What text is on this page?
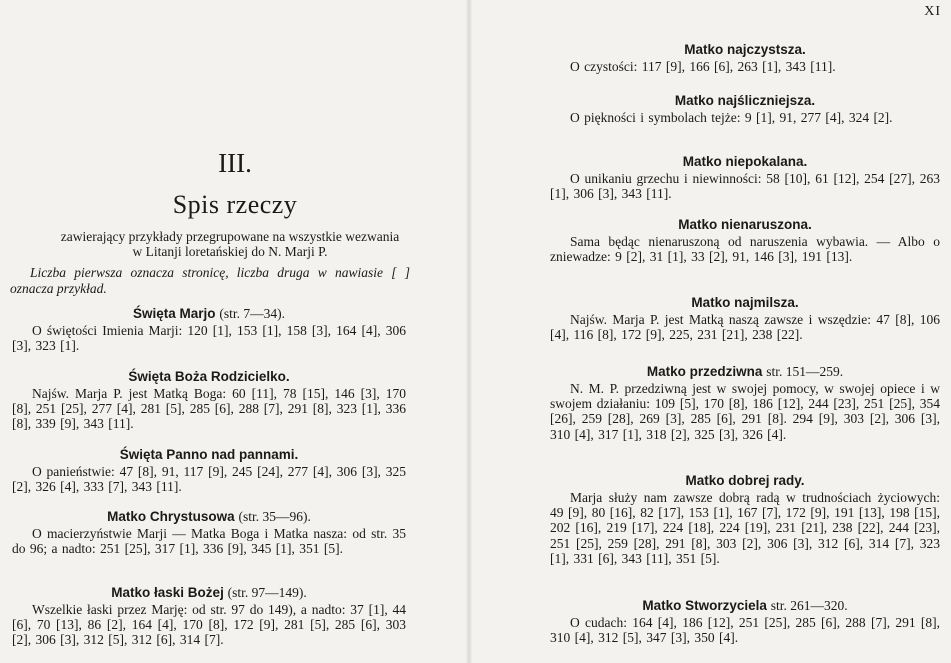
III.
Spis rzeczy
zawierający przykłady przegrupowane na wszystkie wezwania
w Litanji loretańskiej do N. Marji P.
Liczba pierwsza oznacza stronicę, liczba druga w nawiasie [ ] oznacza przykład.
Święta Marjo (str. 7—34).
O świętości Imienia Marji: 120 [1], 153 [1], 158 [3], 164 [4], 306 [3], 323 [1].
Święta Boża Rodzicielko.
Najśw. Marja P. jest Matką Boga: 60 [11], 78 [15], 146 [3], 170 [8], 251 [25], 277 [4], 281 [5], 285 [6], 288 [7], 291 [8], 323 [1], 336 [8], 339 [9], 343 [11].
Święta Panno nad pannami.
O panieństwie: 47 [8], 91, 117 [9], 245 [24], 277 [4], 306 [3], 325 [2], 326 [4], 333 [7], 343 [11].
Matko Chrystusowa (str. 35—96).
O macierzyństwie Marji — Matka Boga i Matka nasza: od str. 35 do 96; a nadto: 251 [25], 317 [1], 336 [9], 345 [1], 351 [5].
Matko łaski Bożej (str. 97—149).
Wszelkie łaski przez Marję: od str. 97 do 149), a nadto: 37 [1], 44 [6], 70 [13], 86 [2], 164 [4], 170 [8], 172 [9], 281 [5], 285 [6], 303 [2], 306 [3], 312 [5], 312 [6], 314 [7].
XI
Matko najczystsza.
O czystości: 117 [9], 166 [6], 263 [1], 343 [11].
Matko najśliczniejsza.
O piękności i symbolach tejże: 9 [1], 91, 277 [4], 324 [2].
Matko niepokalana.
O unikaniu grzechu i niewinności: 58 [10], 61 [12], 254 [27], 263 [1], 306 [3], 343 [11].
Matko nienaruszona.
Sama będąc nienaruszoną od naruszenia wybawia. — Albo o zniewadze: 9 [2], 31 [1], 33 [2], 91, 146 [3], 191 [13].
Matko najmilsza.
Najśw. Marja P. jest Matką naszą zawsze i wszędzie: 47 [8], 106 [4], 116 [8], 172 [9], 225, 231 [21], 238 [22].
Matko przedziwna str. 151—259.
N. M. P. przedziwną jest w swojej pomocy, w swojej opiece i w swojem działaniu: 109 [5], 170 [8], 186 [12], 244 [23], 251 [25], 354 [26], 259 [28], 269 [3], 285 [6], 291 [8]. 294 [9], 303 [2], 306 [3], 310 [4], 317 [1], 318 [2], 325 [3], 326 [4].
Matko dobrej rady.
Marja służy nam zawsze dobrą radą w trudnościach życiowych: 49 [9], 80 [16], 82 [17], 153 [1], 167 [7], 172 [9], 191 [13], 198 [15], 202 [16], 219 [17], 224 [18], 224 [19], 231 [21], 238 [22], 244 [23], 251 [25], 259 [28], 291 [8], 303 [2], 306 [3], 312 [6], 314 [7], 323 [1], 331 [6], 343 [11], 351 [5].
Matko Stworzyciela str. 261—320.
O cudach: 164 [4], 186 [12], 251 [25], 285 [6], 288 [7], 291 [8], 310 [4], 312 [5], 347 [3], 350 [4].
